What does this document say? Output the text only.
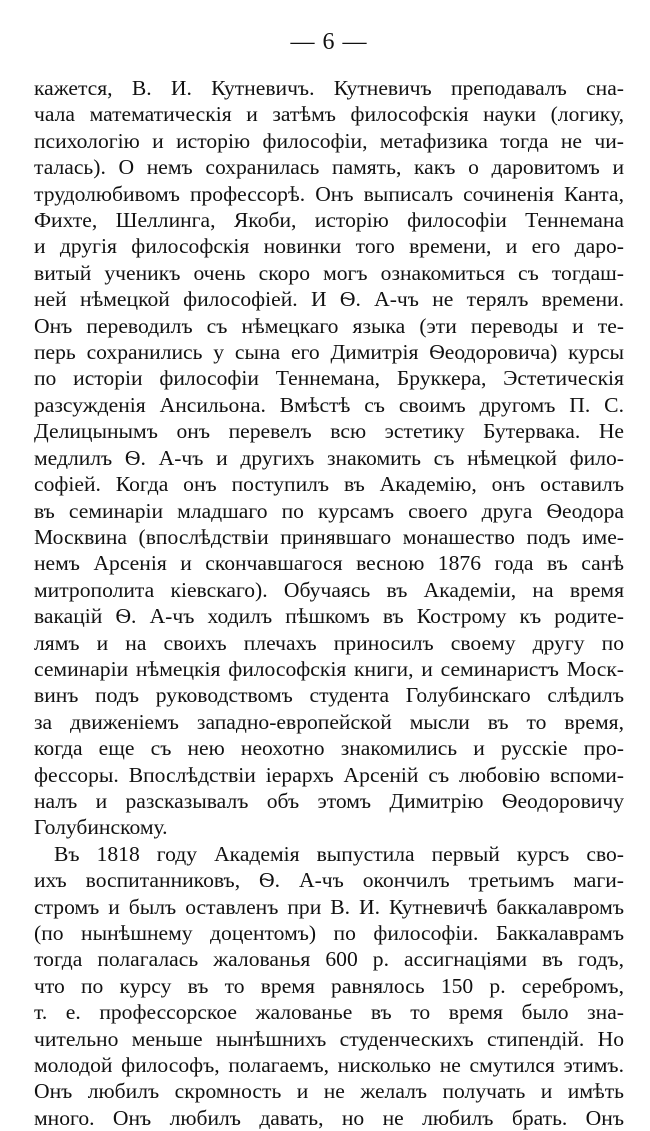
— 6 —
кажется, В. И. Кутневичъ. Кутневичъ преподавалъ сна-
чала математическія и затѣмъ философскія науки (логику,
психологію и исторію философіи, метафизика тогда не чи-
талась). О немъ сохранилась память, какъ о даровитомъ и
трудолюбивомъ профессорѣ. Онъ выписалъ сочиненія Канта,
Фихте, Шеллинга, Якоби, исторію философіи Теннемана
и другія философскія новинки того времени, и его даро-
витый ученикъ очень скоро могъ ознакомиться съ тогдаш-
ней нѣмецкой философіей. И Ѳ. А-чъ не терялъ времени.
Онъ переводилъ съ нѣмецкаго языка (эти переводы и те-
перь сохранились у сына его Димитрія Ѳеодоровича) курсы
по исторіи философіи Теннемана, Бруккера, Эстетическія
разсужденія Ансильона. Вмѣстѣ съ своимъ другомъ П. С.
Делицынымъ онъ перевелъ всю эстетику Бутервака. Не
медлилъ Ѳ. А-чъ и другихъ знакомить съ нѣмецкой фило-
софіей. Когда онъ поступилъ въ Академію, онъ оставилъ
въ семинаріи младшаго по курсамъ своего друга Ѳеодора
Москвина (впослѣдствіи принявшаго монашество подъ име-
немъ Арсенія и скончавшагося весною 1876 года въ санѣ
митрополита кіевскаго). Обучаясь въ Академіи, на время
вакацій Ѳ. А-чъ ходилъ пѣшкомъ въ Кострому къ родите-
лямъ и на своихъ плечахъ приносилъ своему другу по
семинаріи нѣмецкія философскія книги, и семинаристъ Моск-
винъ подъ руководствомъ студента Голубинскаго слѣдилъ
за движеніемъ западно-европейской мысли въ то время,
когда еще съ нею неохотно знакомились и русскіе про-
фессоры. Впослѣдствіи іерархъ Арсеній съ любовію вспоми-
налъ и разсказывалъ объ этомъ Димитрію Ѳеодоровичу
Голубинскому.
Въ 1818 году Академія выпустила первый курсъ сво-
ихъ воспитанниковъ, Ѳ. А-чъ окончилъ третьимъ маги-
стромъ и былъ оставленъ при В. И. Кутневичѣ баккалавромъ
(по нынѣшнему доцентомъ) по философіи. Баккалаврамъ
тогда полагалась жалованья 600 р. ассигнаціями въ годъ,
что по курсу въ то время равнялось 150 р. серебромъ,
т. е. профессорское жалованье въ то время было зна-
чительно меньше нынѣшнихъ студенческихъ стипендій. Но
молодой философъ, полагаемъ, нисколько не смутился этимъ.
Онъ любилъ скромность и не желалъ получать и имѣть
много. Онъ любилъ давать, но не любилъ брать. Онъ
